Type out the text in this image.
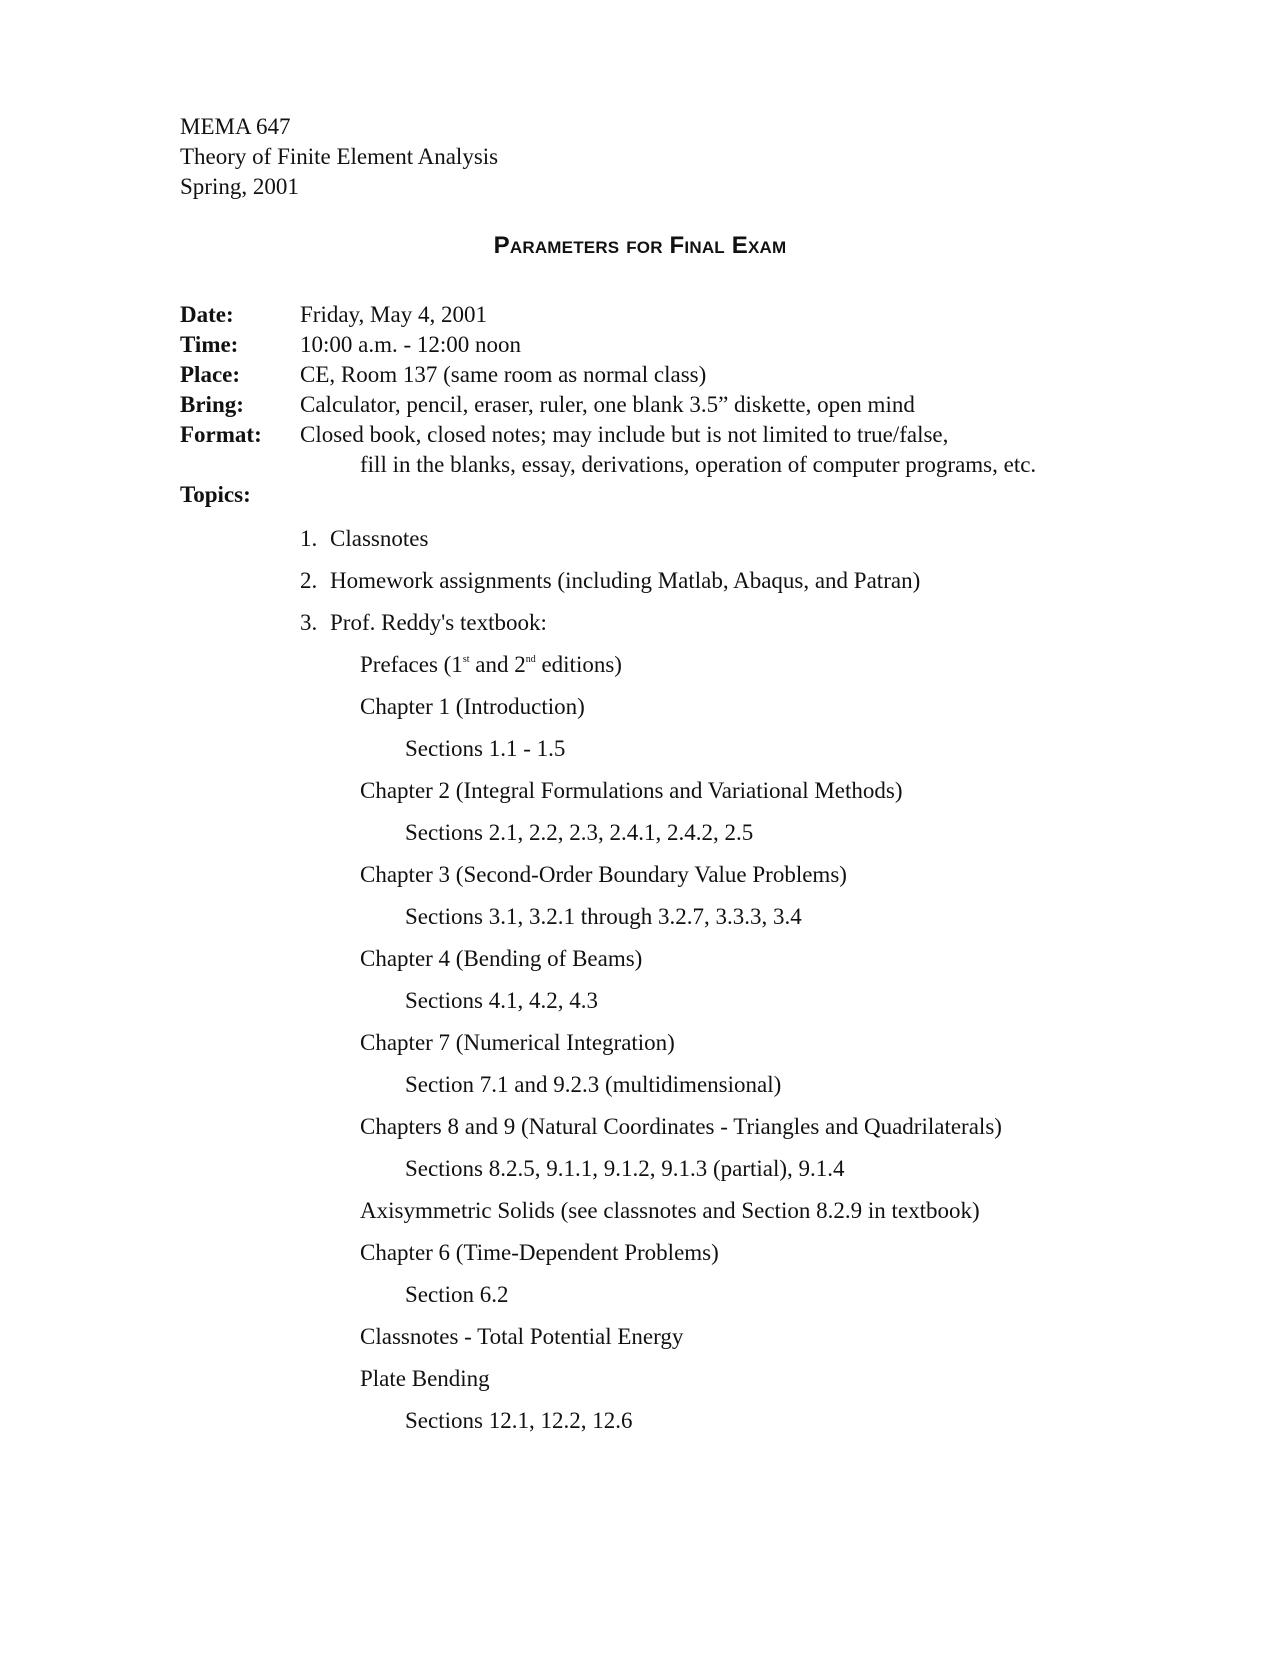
MEMA 647
Theory of Finite Element Analysis
Spring, 2001
Parameters for Final Exam
Date:	Friday, May 4, 2001
Time:	10:00 a.m. - 12:00 noon
Place:	CE, Room 137 (same room as normal class)
Bring: Calculator, pencil, eraser, ruler, one blank 3.5” diskette, open mind
Format: Closed book, closed notes; may include but is not limited to true/false,
fill in the blanks, essay, derivations, operation of computer programs, etc.
Topics:
1. Classnotes
2. Homework assignments (including Matlab, Abaqus, and Patran)
3. Prof. Reddy's textbook:
Prefaces (1st and 2nd editions)
Chapter 1 (Introduction)
Sections 1.1 - 1.5
Chapter 2 (Integral Formulations and Variational Methods)
Sections 2.1, 2.2, 2.3, 2.4.1, 2.4.2, 2.5
Chapter 3 (Second-Order Boundary Value Problems)
Sections 3.1, 3.2.1 through 3.2.7, 3.3.3, 3.4
Chapter 4 (Bending of Beams)
Sections 4.1, 4.2, 4.3
Chapter 7 (Numerical Integration)
Section 7.1 and 9.2.3 (multidimensional)
Chapters 8 and 9 (Natural Coordinates - Triangles and Quadrilaterals)
Sections 8.2.5, 9.1.1, 9.1.2, 9.1.3 (partial), 9.1.4
Axisymmetric Solids (see classnotes and Section 8.2.9 in textbook)
Chapter 6 (Time-Dependent Problems)
Section 6.2
Classnotes - Total Potential Energy
Plate Bending
Sections 12.1, 12.2, 12.6
